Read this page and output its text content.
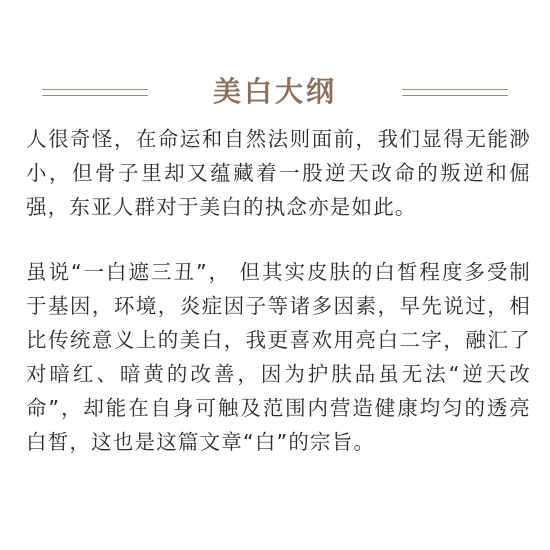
美白大纲

人很奇怪，在命运和自然法则面前，我们显得无能渺小，但骨子里却又蕴藏着一股逆天改命的叛逆和倔强，东亚人群对于美白的执念亦是如此。

虽说“一白遮三丑”， 但其实皮肤的白皙程度多受制于基因，环境，炎症因子等诸多因素，早先说过，相比传统意义上的美白，我更喜欢用亮白二字，融汇了对暗红、暗黄的改善，因为护肤品虽无法“逆天改命”，却能在自身可触及范围内营造健康均匀的透亮白皙，这也是这篇文章“白”的宗旨。
